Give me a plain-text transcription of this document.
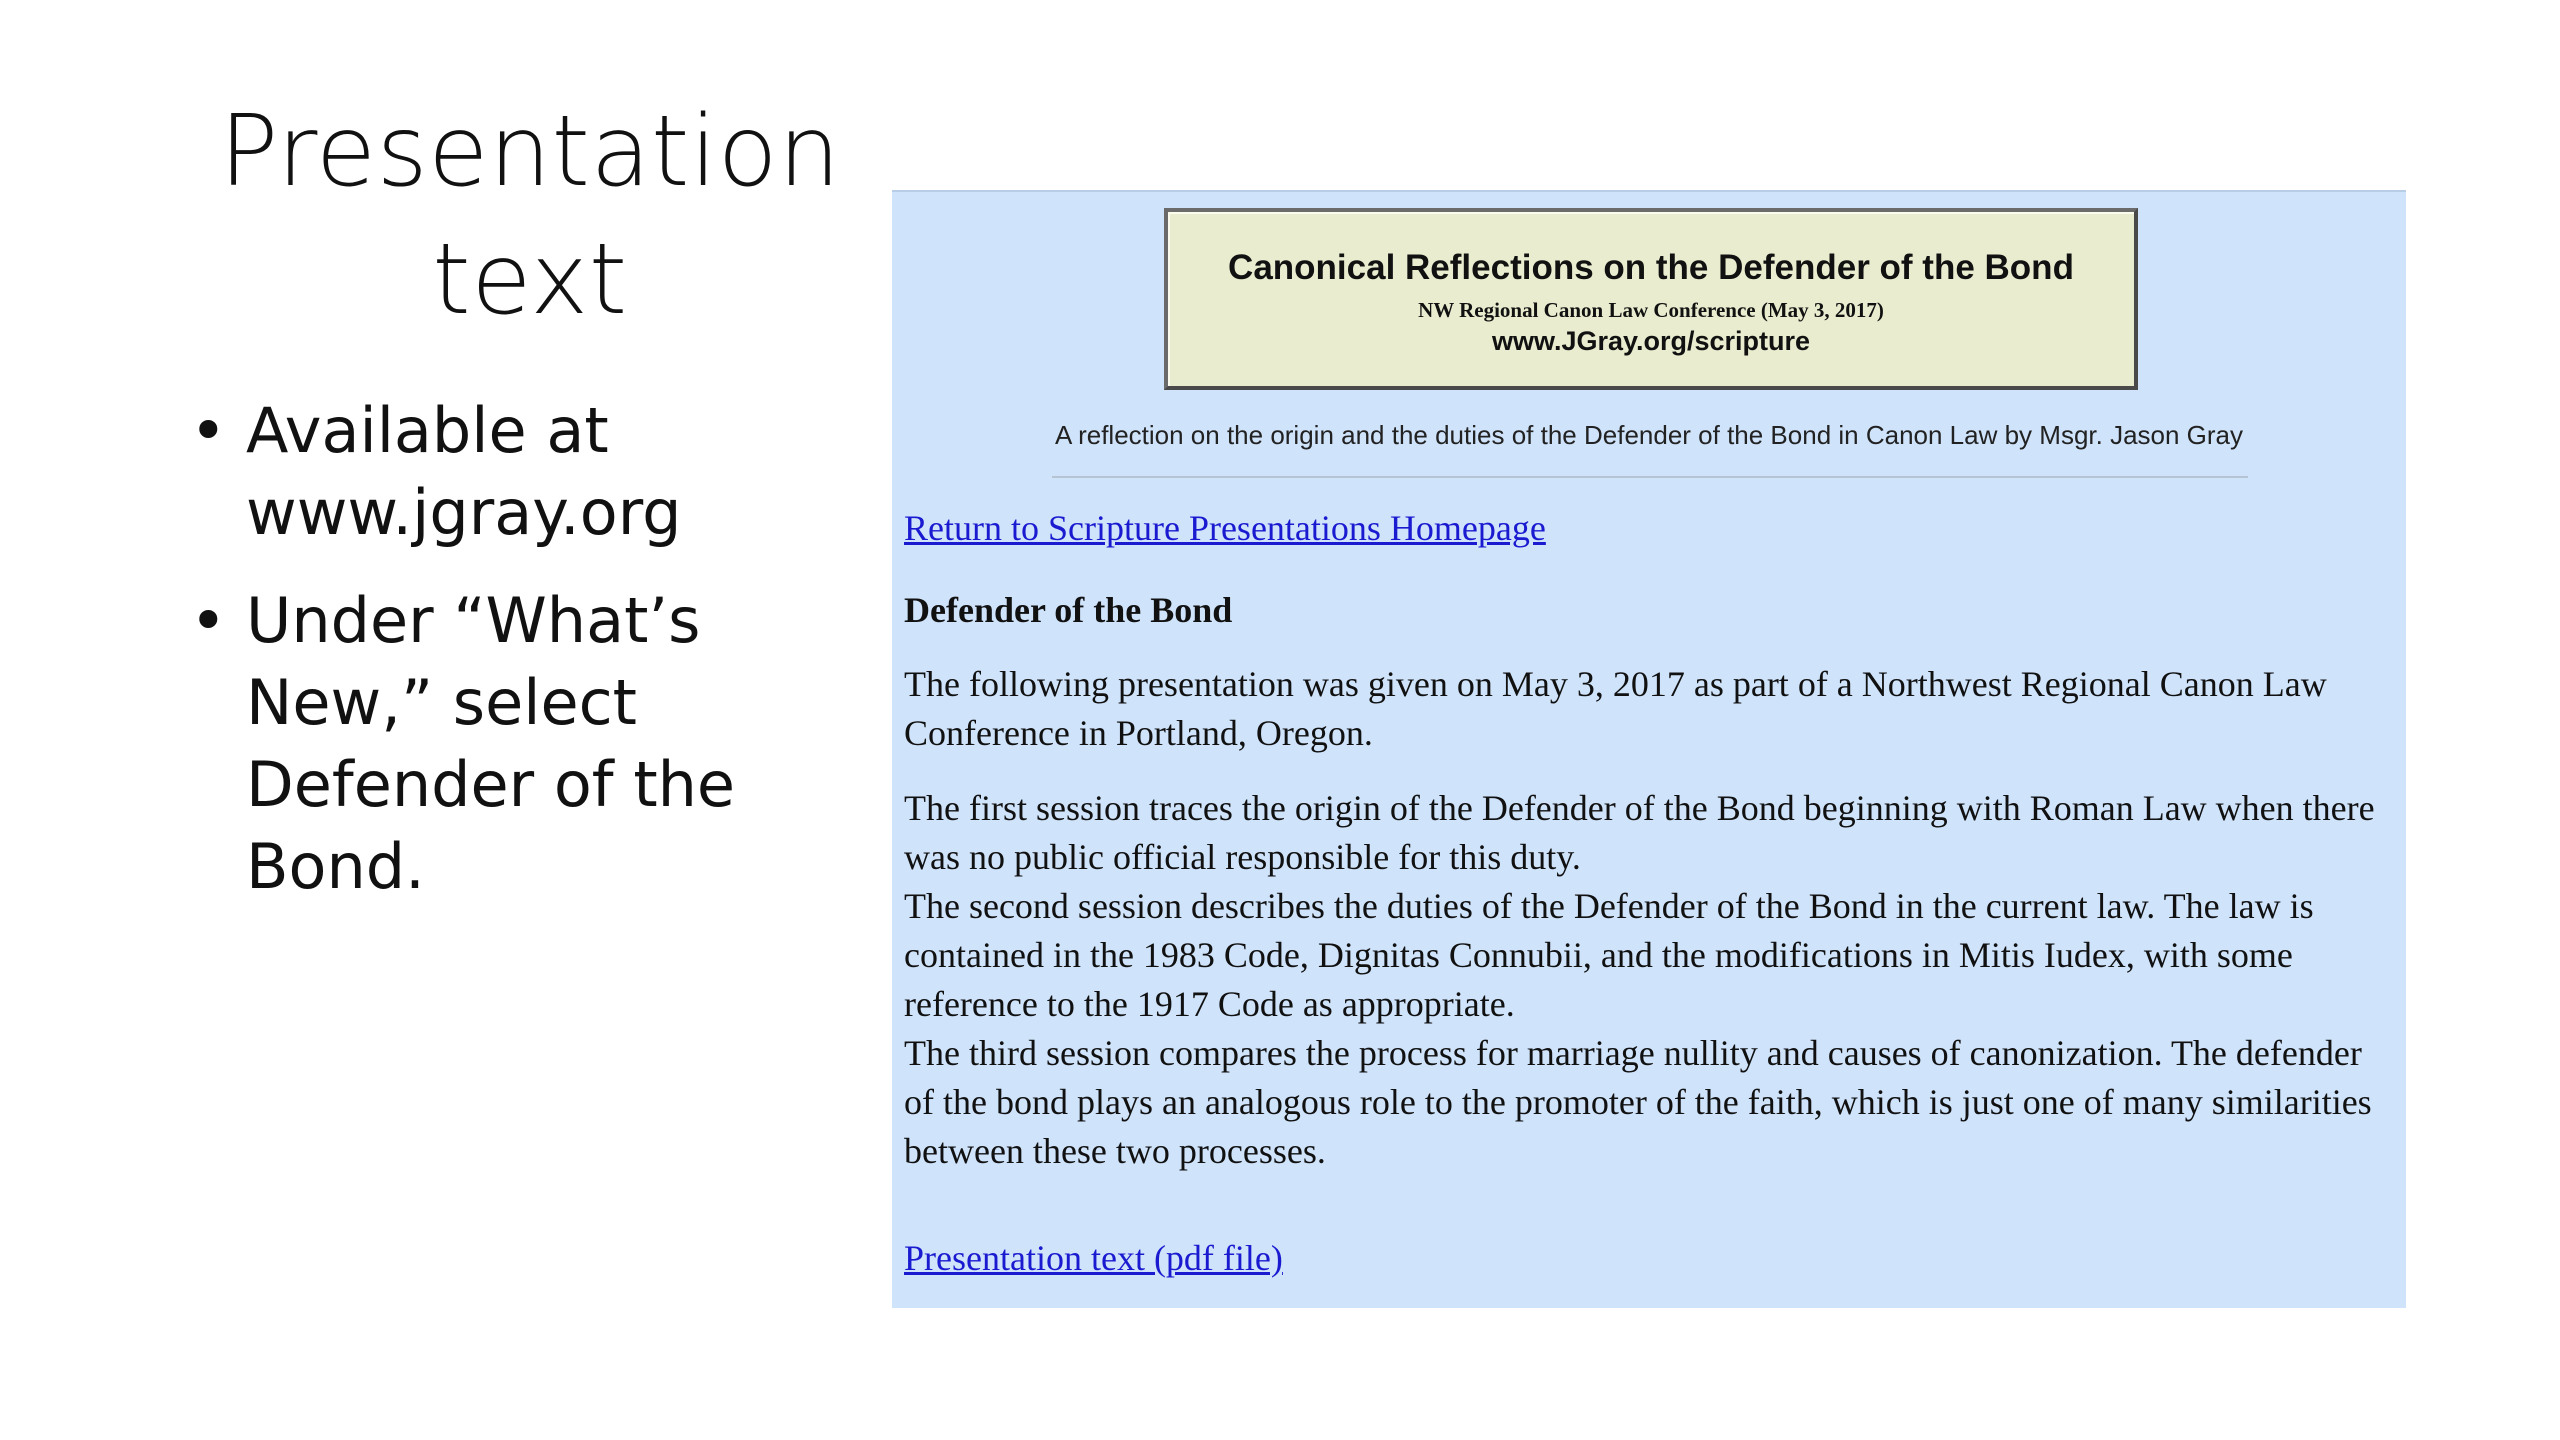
Presentation
text
• Available at
www.jgray.org
• Under “What’s
New,” select
Defender of the
Bond.
Canonical Reflections on the Defender of the Bond
NW Regional Canon Law Conference (May 3, 2017)
www.JGray.org/scripture
A reflection on the origin and the duties of the Defender of the Bond in Canon Law by Msgr. Jason Gray
Return to Scripture Presentations Homepage
Defender of the Bond
The following presentation was given on May 3, 2017 as part of a Northwest Regional Canon Law Conference in Portland, Oregon.
The first session traces the origin of the Defender of the Bond beginning with Roman Law when there was no public official responsible for this duty.
The second session describes the duties of the Defender of the Bond in the current law. The law is contained in the 1983 Code, Dignitas Connubii, and the modifications in Mitis Iudex, with some reference to the 1917 Code as appropriate.
The third session compares the process for marriage nullity and causes of canonization. The defender of the bond plays an analogous role to the promoter of the faith, which is just one of many similarities between these two processes.
Presentation text (pdf file)
